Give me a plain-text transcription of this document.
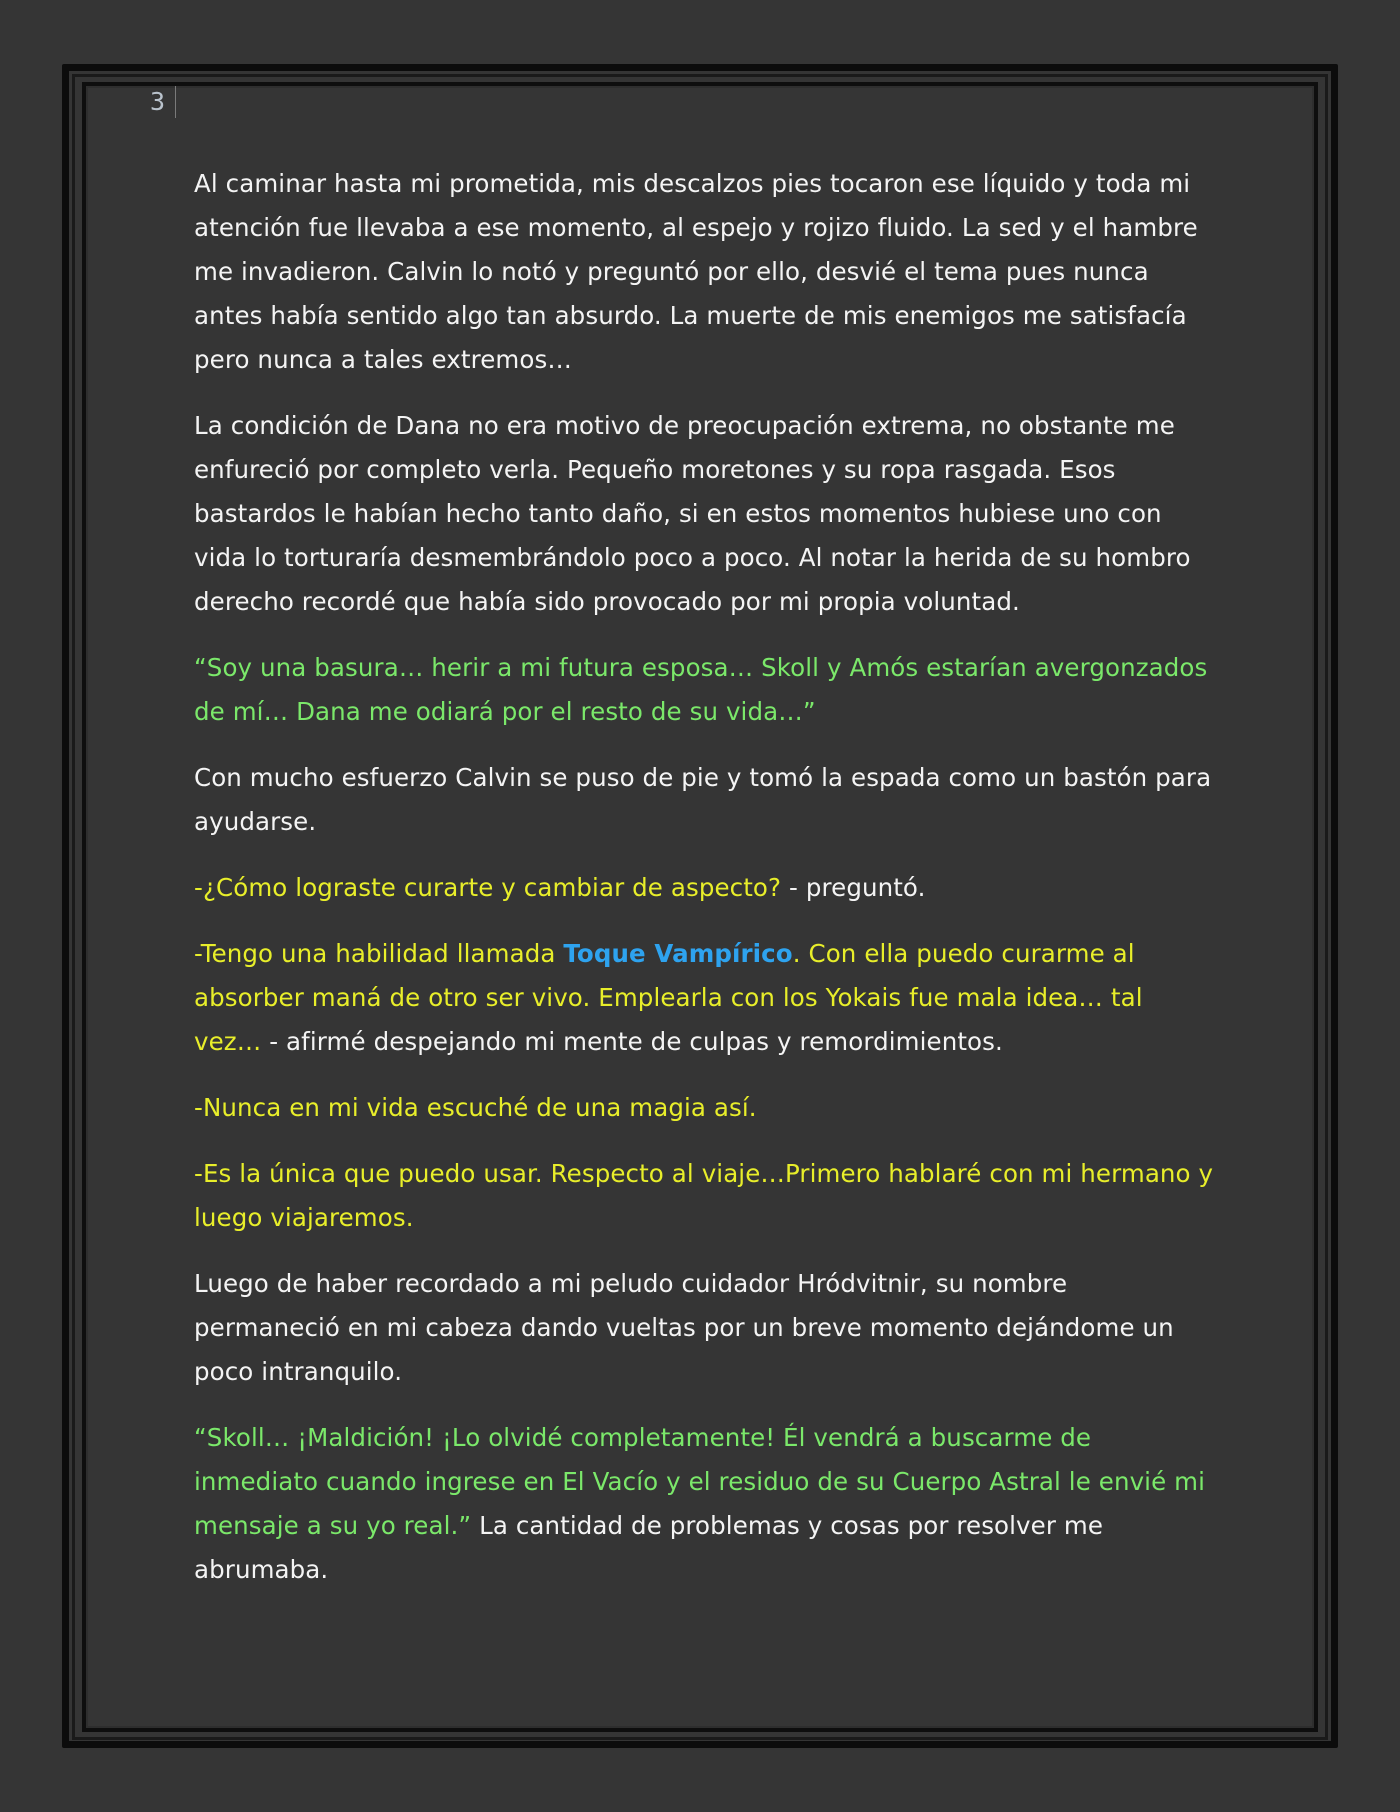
3

Al caminar hasta mi prometida, mis descalzos pies tocaron ese líquido y toda mi atención fue llevaba a ese momento, al espejo y rojizo fluido. La sed y el hambre me invadieron. Calvin lo notó y preguntó por ello, desvié el tema pues nunca antes había sentido algo tan absurdo. La muerte de mis enemigos me satisfacía pero nunca a tales extremos…

La condición de Dana no era motivo de preocupación extrema, no obstante me enfureció por completo verla. Pequeño moretones y su ropa rasgada. Esos bastardos le habían hecho tanto daño, si en estos momentos hubiese uno con vida lo torturaría desmembrándolo poco a poco. Al notar la herida de su hombro derecho recordé que había sido provocado por mi propia voluntad.

“Soy una basura… herir a mi futura esposa… Skoll y Amós estarían avergonzados de mí… Dana me odiará por el resto de su vida…”

Con mucho esfuerzo Calvin se puso de pie y tomó la espada como un bastón para ayudarse.

-¿Cómo lograste curarte y cambiar de aspecto? - preguntó.

-Tengo una habilidad llamada Toque Vampírico. Con ella puedo curarme al absorber maná de otro ser vivo. Emplearla con los Yokais fue mala idea… tal vez… - afirmé despejando mi mente de culpas y remordimientos.

-Nunca en mi vida escuché de una magia así.

-Es la única que puedo usar. Respecto al viaje…Primero hablaré con mi hermano y luego viajaremos.

Luego de haber recordado a mi peludo cuidador Hródvitnir, su nombre permaneció en mi cabeza dando vueltas por un breve momento dejándome un poco intranquilo.

“Skoll… ¡Maldición! ¡Lo olvidé completamente! Él vendrá a buscarme de inmediato cuando ingrese en El Vacío y el residuo de su Cuerpo Astral le envié mi mensaje a su yo real.” La cantidad de problemas y cosas por resolver me abrumaba.
